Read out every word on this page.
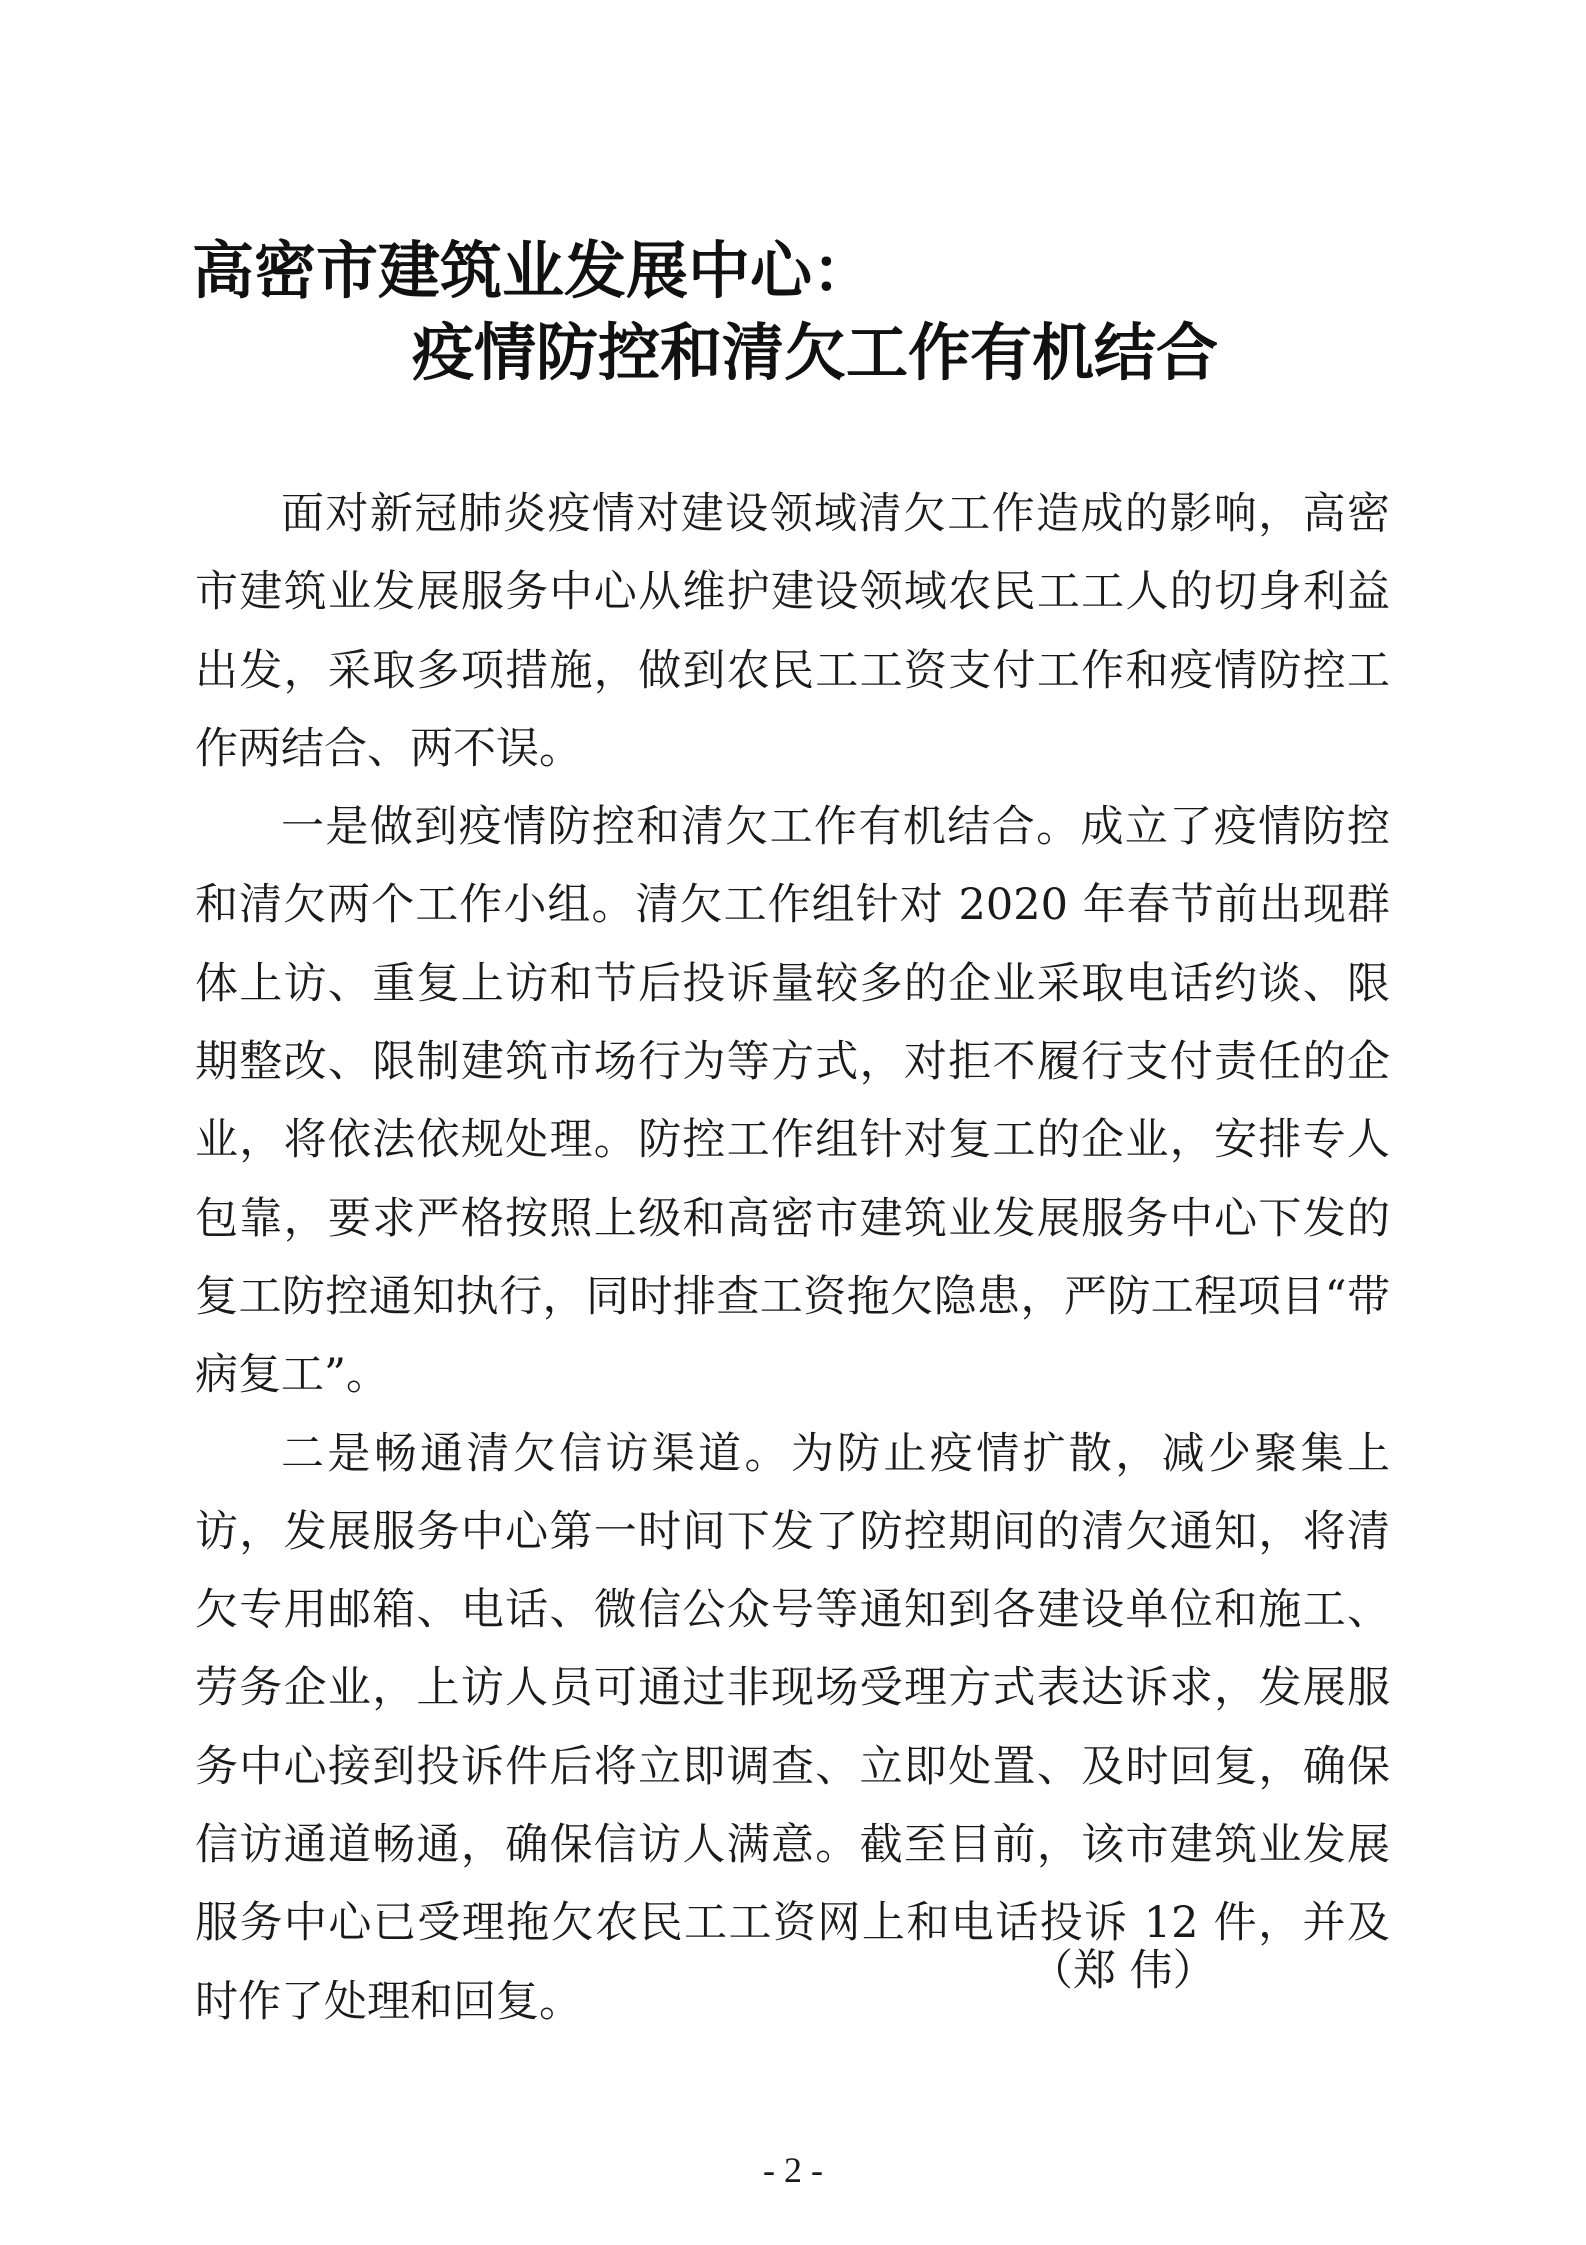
高密市建筑业发展中心：
疫情防控和清欠工作有机结合

面对新冠肺炎疫情对建设领域清欠工作造成的影响，高密市建筑业发展服务中心从维护建设领域农民工工人的切身利益出发，采取多项措施，做到农民工工资支付工作和疫情防控工作两结合、两不误。

一是做到疫情防控和清欠工作有机结合。成立了疫情防控和清欠两个工作小组。清欠工作组针对 2020 年春节前出现群体上访、重复上访和节后投诉量较多的企业采取电话约谈、限期整改、限制建筑市场行为等方式，对拒不履行支付责任的企业，将依法依规处理。防控工作组针对复工的企业，安排专人包靠，要求严格按照上级和高密市建筑业发展服务中心下发的复工防控通知执行，同时排查工资拖欠隐患，严防工程项目“带病复工”。

二是畅通清欠信访渠道。为防止疫情扩散，减少聚集上访，发展服务中心第一时间下发了防控期间的清欠通知，将清欠专用邮箱、电话、微信公众号等通知到各建设单位和施工、劳务企业，上访人员可通过非现场受理方式表达诉求，发展服务中心接到投诉件后将立即调查、立即处置、及时回复，确保信访通道畅通，确保信访人满意。截至目前，该市建筑业发展服务中心已受理拖欠农民工工资网上和电话投诉 12 件，并及时作了处理和回复。

（郑 伟）
- 2 -
